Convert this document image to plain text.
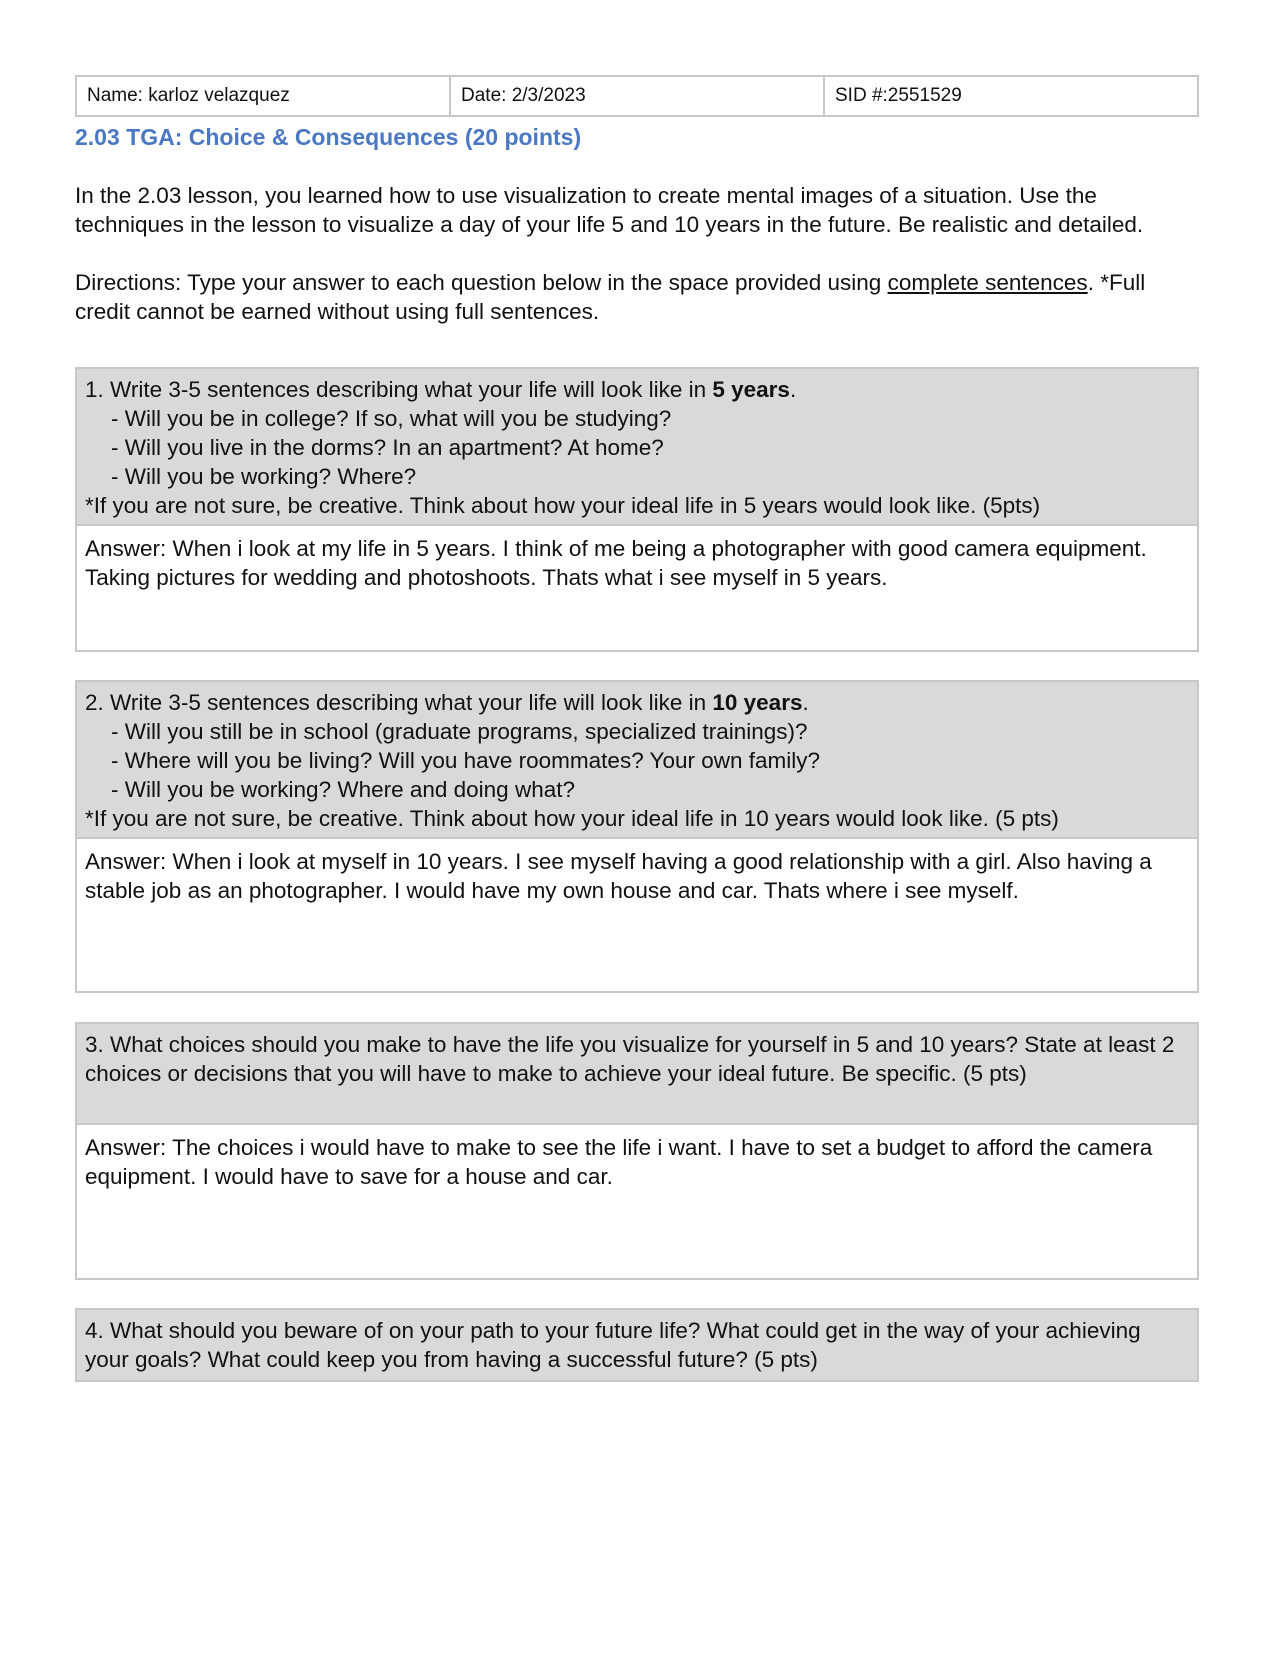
Name: karloz velazquez	Date: 2/3/2023	SID #:2551529
2.03 TGA: Choice & Consequences (20 points)
In the 2.03 lesson, you learned how to use visualization to create mental images of a situation. Use the techniques in the lesson to visualize a day of your life 5 and 10 years in the future. Be realistic and detailed.
Directions: Type your answer to each question below in the space provided using complete sentences. *Full credit cannot be earned without using full sentences.
1. Write 3-5 sentences describing what your life will look like in 5 years.
- Will you be in college? If so, what will you be studying?
- Will you live in the dorms? In an apartment? At home?
- Will you be working? Where?
*If you are not sure, be creative. Think about how your ideal life in 5 years would look like. (5pts)
Answer: When i look at my life in 5 years. I think of me being a photographer with good camera equipment. Taking pictures for wedding and photoshoots. Thats what i see myself in 5 years.
2. Write 3-5 sentences describing what your life will look like in 10 years.
- Will you still be in school (graduate programs, specialized trainings)?
- Where will you be living? Will you have roommates? Your own family?
- Will you be working? Where and doing what?
*If you are not sure, be creative. Think about how your ideal life in 10 years would look like. (5 pts)
Answer: When i look at myself in 10 years. I see myself having a good relationship with a girl. Also having a stable job as an photographer. I would have my own house and car. Thats where i see myself.
3. What choices should you make to have the life you visualize for yourself in 5 and 10 years? State at least 2 choices or decisions that you will have to make to achieve your ideal future. Be specific. (5 pts)
Answer: The choices i would have to make to see the life i want. I have to set a budget to afford the camera equipment. I would have to save for a house and car.
4. What should you beware of on your path to your future life? What could get in the way of your achieving your goals? What could keep you from having a successful future? (5 pts)
